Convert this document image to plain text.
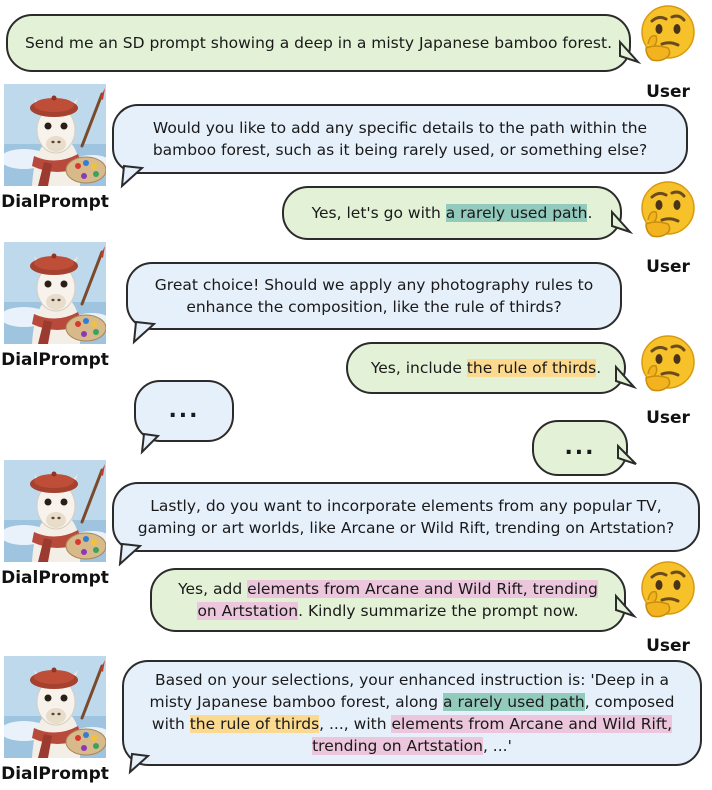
Send me an SD prompt showing a deep in a misty Japanese bamboo forest.
User
DialPrompt
Would you like to add any specific details to the path within the
bamboo forest, such as it being rarely used, or something else?
Yes, let's go with a rarely used path.
User
DialPrompt
Great choice! Should we apply any photography rules to
enhance the composition, like the rule of thirds?
Yes, include the rule of thirds.
User
...
...
DialPrompt
Lastly, do you want to incorporate elements from any popular TV,
gaming or art worlds, like Arcane or Wild Rift, trending on Artstation?
Yes, add elements from Arcane and Wild Rift, trending
on Artstation. Kindly summarize the prompt now.
User
DialPrompt
Based on your selections, your enhanced instruction is: 'Deep in a
misty Japanese bamboo forest, along a rarely used path, composed
with the rule of thirds, ..., with elements from Arcane and Wild Rift,
trending on Artstation, ...'
